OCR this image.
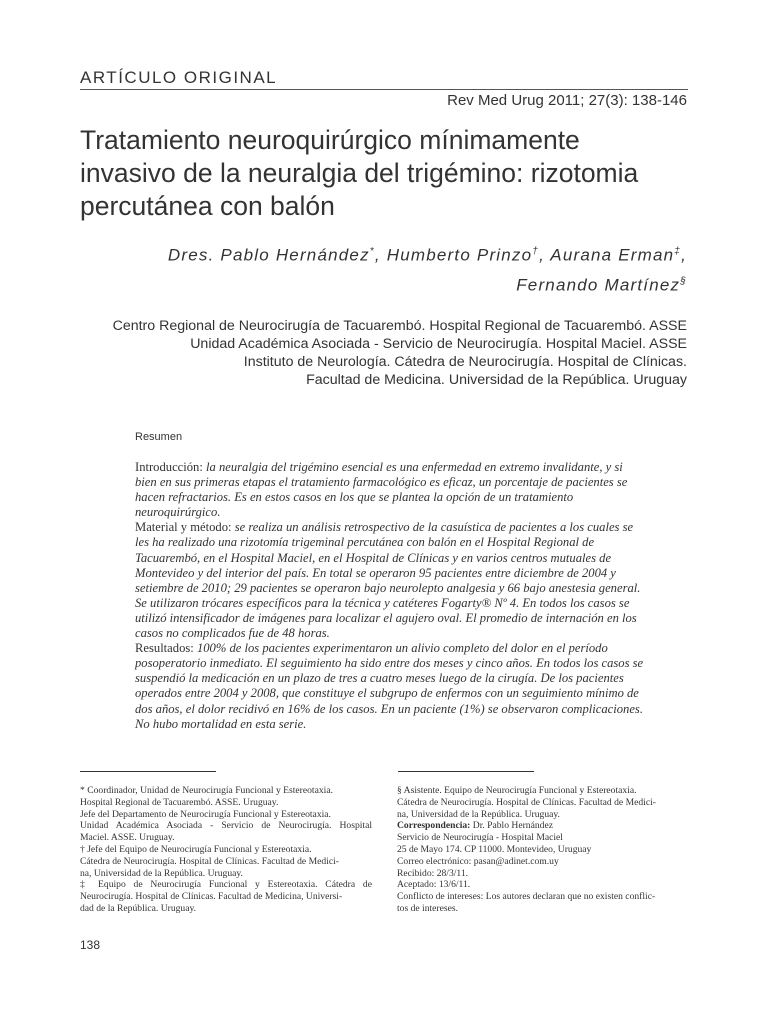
ARTÍCULO ORIGINAL
Rev Med Urug 2011; 27(3): 138-146
Tratamiento neuroquirúrgico mínimamente
invasivo de la neuralgia del trigémino: rizotomia
percutánea con balón
Dres. Pablo Hernández*, Humberto Prinzo†, Aurana Erman‡,
Fernando Martínez§
Centro Regional de Neurocirugía de Tacuarembó. Hospital Regional de Tacuarembó. ASSE
Unidad Académica Asociada - Servicio de Neurocirugía. Hospital Maciel. ASSE
Instituto de Neurología. Cátedra de Neurocirugía. Hospital de Clínicas.
Facultad de Medicina. Universidad de la República. Uruguay
Resumen

Introducción: la neuralgia del trigémino esencial es una enfermedad en extremo invalidante, y si bien en sus primeras etapas el tratamiento farmacológico es eficaz, un porcentaje de pacientes se hacen refractarios. Es en estos casos en los que se plantea la opción de un tratamiento neuroquirúrgico.

Material y método: se realiza un análisis retrospectivo de la casuística de pacientes a los cuales se les ha realizado una rizotomía trigeminal percutánea con balón en el Hospital Regional de Tacuarembó, en el Hospital Maciel, en el Hospital de Clínicas y en varios centros mutuales de Montevideo y del interior del país. En total se operaron 95 pacientes entre diciembre de 2004 y setiembre de 2010; 29 pacientes se operaron bajo neurolepto analgesia y 66 bajo anestesia general. Se utilizaron trócares específicos para la técnica y catéteres Fogarty® Nº 4. En todos los casos se utilizó intensificador de imágenes para localizar el agujero oval. El promedio de internación en los casos no complicados fue de 48 horas.

Resultados: 100% de los pacientes experimentaron un alivio completo del dolor en el período posoperatorio inmediato. El seguimiento ha sido entre dos meses y cinco años. En todos los casos se suspendió la medicación en un plazo de tres a cuatro meses luego de la cirugía. De los pacientes operados entre 2004 y 2008, que constituye el subgrupo de enfermos con un seguimiento mínimo de dos años, el dolor recidivó en 16% de los casos. En un paciente (1%) se observaron complicaciones. No hubo mortalidad en esta serie.

* Coordinador, Unidad de Neurocirugía Funcional y Estereotaxia.
Hospital Regional de Tacuarembó. ASSE. Uruguay.
Jefe del Departamento de Neurocirugía Funcional y Estereotaxia.
Unidad Académica Asociada - Servicio de Neurocirugía. Hospital
Maciel. ASSE. Uruguay.
† Jefe del Equipo de Neurocirugía Funcional y Estereotaxia.
Cátedra de Neurocirugía. Hospital de Clínicas. Facultad de Medici-
na, Universidad de la República. Uruguay.
‡ Equipo de Neurocirugía Funcional y Estereotaxia. Cátedra de
Neurocirugía. Hospital de Clínicas. Facultad de Medicina, Universi-
dad de la República. Uruguay.
§ Asistente. Equipo de Neurocirugía Funcional y Estereotaxia.
Cátedra de Neurocirugía. Hospital de Clínicas. Facultad de Medici-
na, Universidad de la República. Uruguay.
Correspondencia: Dr. Pablo Hernández
Servicio de Neurocirugía - Hospital Maciel
25 de Mayo 174. CP 11000. Montevideo, Uruguay
Correo electrónico: pasan@adinet.com.uy
Recibido: 28/3/11.
Aceptado: 13/6/11.
Conflicto de intereses: Los autores declaran que no existen conflic-
tos de intereses.
138
